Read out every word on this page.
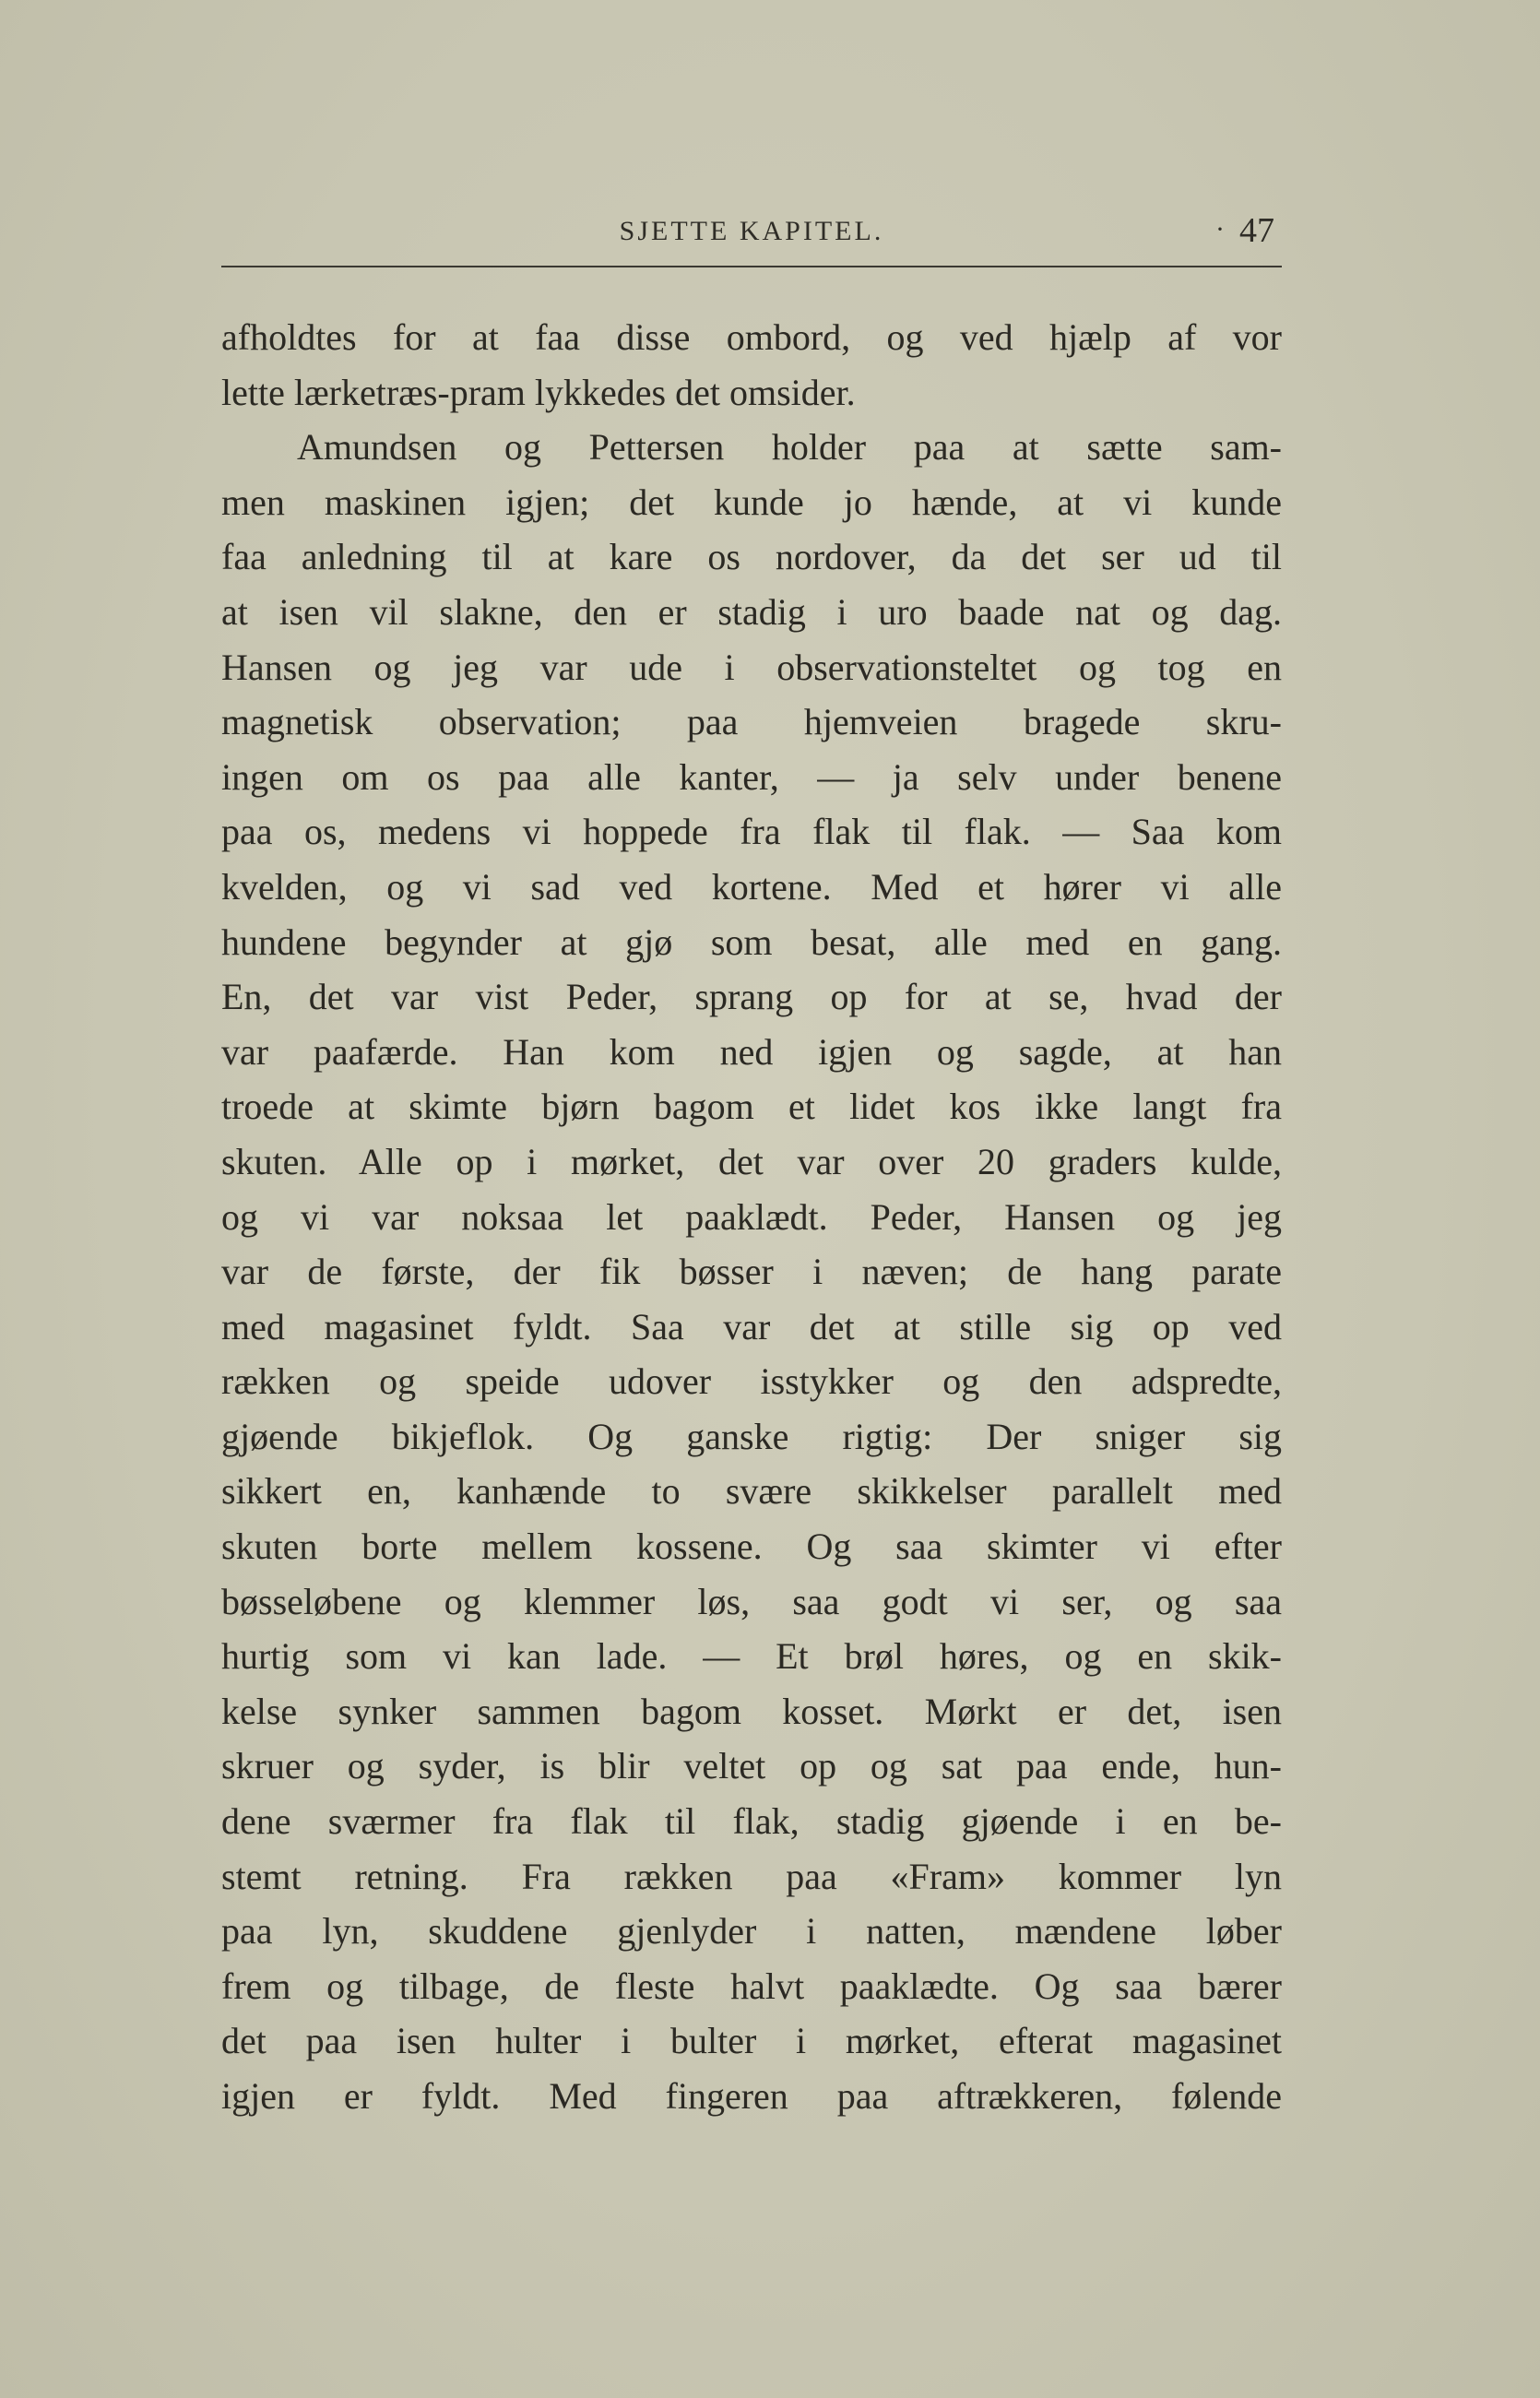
SJETTE KAPITEL.	· 47
afholdtes for at faa disse ombord, og ved hjælp af vor
lette lærketræs-pram lykkedes det omsider.
Amundsen og Pettersen holder paa at sætte sam-
men maskinen igjen; det kunde jo hænde, at vi kunde
faa anledning til at kare os nordover, da det ser ud til
at isen vil slakne, den er stadig i uro baade nat og dag.
Hansen og jeg var ude i observationsteltet og tog en
magnetisk observation; paa hjemveien bragede skru-
ingen om os paa alle kanter, — ja selv under benene
paa os, medens vi hoppede fra flak til flak. — Saa kom
kvelden, og vi sad ved kortene. Med et hører vi alle
hundene begynder at gjø som besat, alle med en gang.
En, det var vist Peder, sprang op for at se, hvad der
var paafærde. Han kom ned igjen og sagde, at han
troede at skimte bjørn bagom et lidet kos ikke langt fra
skuten. Alle op i mørket, det var over 20 graders kulde,
og vi var noksaa let paaklædt. Peder, Hansen og jeg
var de første, der fik bøsser i næven; de hang parate
med magasinet fyldt. Saa var det at stille sig op ved
rækken og speide udover isstykker og den adspredte,
gjøende bikjeflok. Og ganske rigtig: Der sniger sig
sikkert en, kanhænde to svære skikkelser parallelt med
skuten borte mellem kossene. Og saa skimter vi efter
bøsseløbene og klemmer løs, saa godt vi ser, og saa
hurtig som vi kan lade. — Et brøl høres, og en skik-
kelse synker sammen bagom kosset. Mørkt er det, isen
skruer og syder, is blir veltet op og sat paa ende, hun-
dene sværmer fra flak til flak, stadig gjøende i en be-
stemt retning. Fra rækken paa «Fram» kommer lyn
paa lyn, skuddene gjenlyder i natten, mændene løber
frem og tilbage, de fleste halvt paaklædte. Og saa bærer
det paa isen hulter i bulter i mørket, efterat magasinet
igjen er fyldt. Med fingeren paa aftrækkeren, følende
